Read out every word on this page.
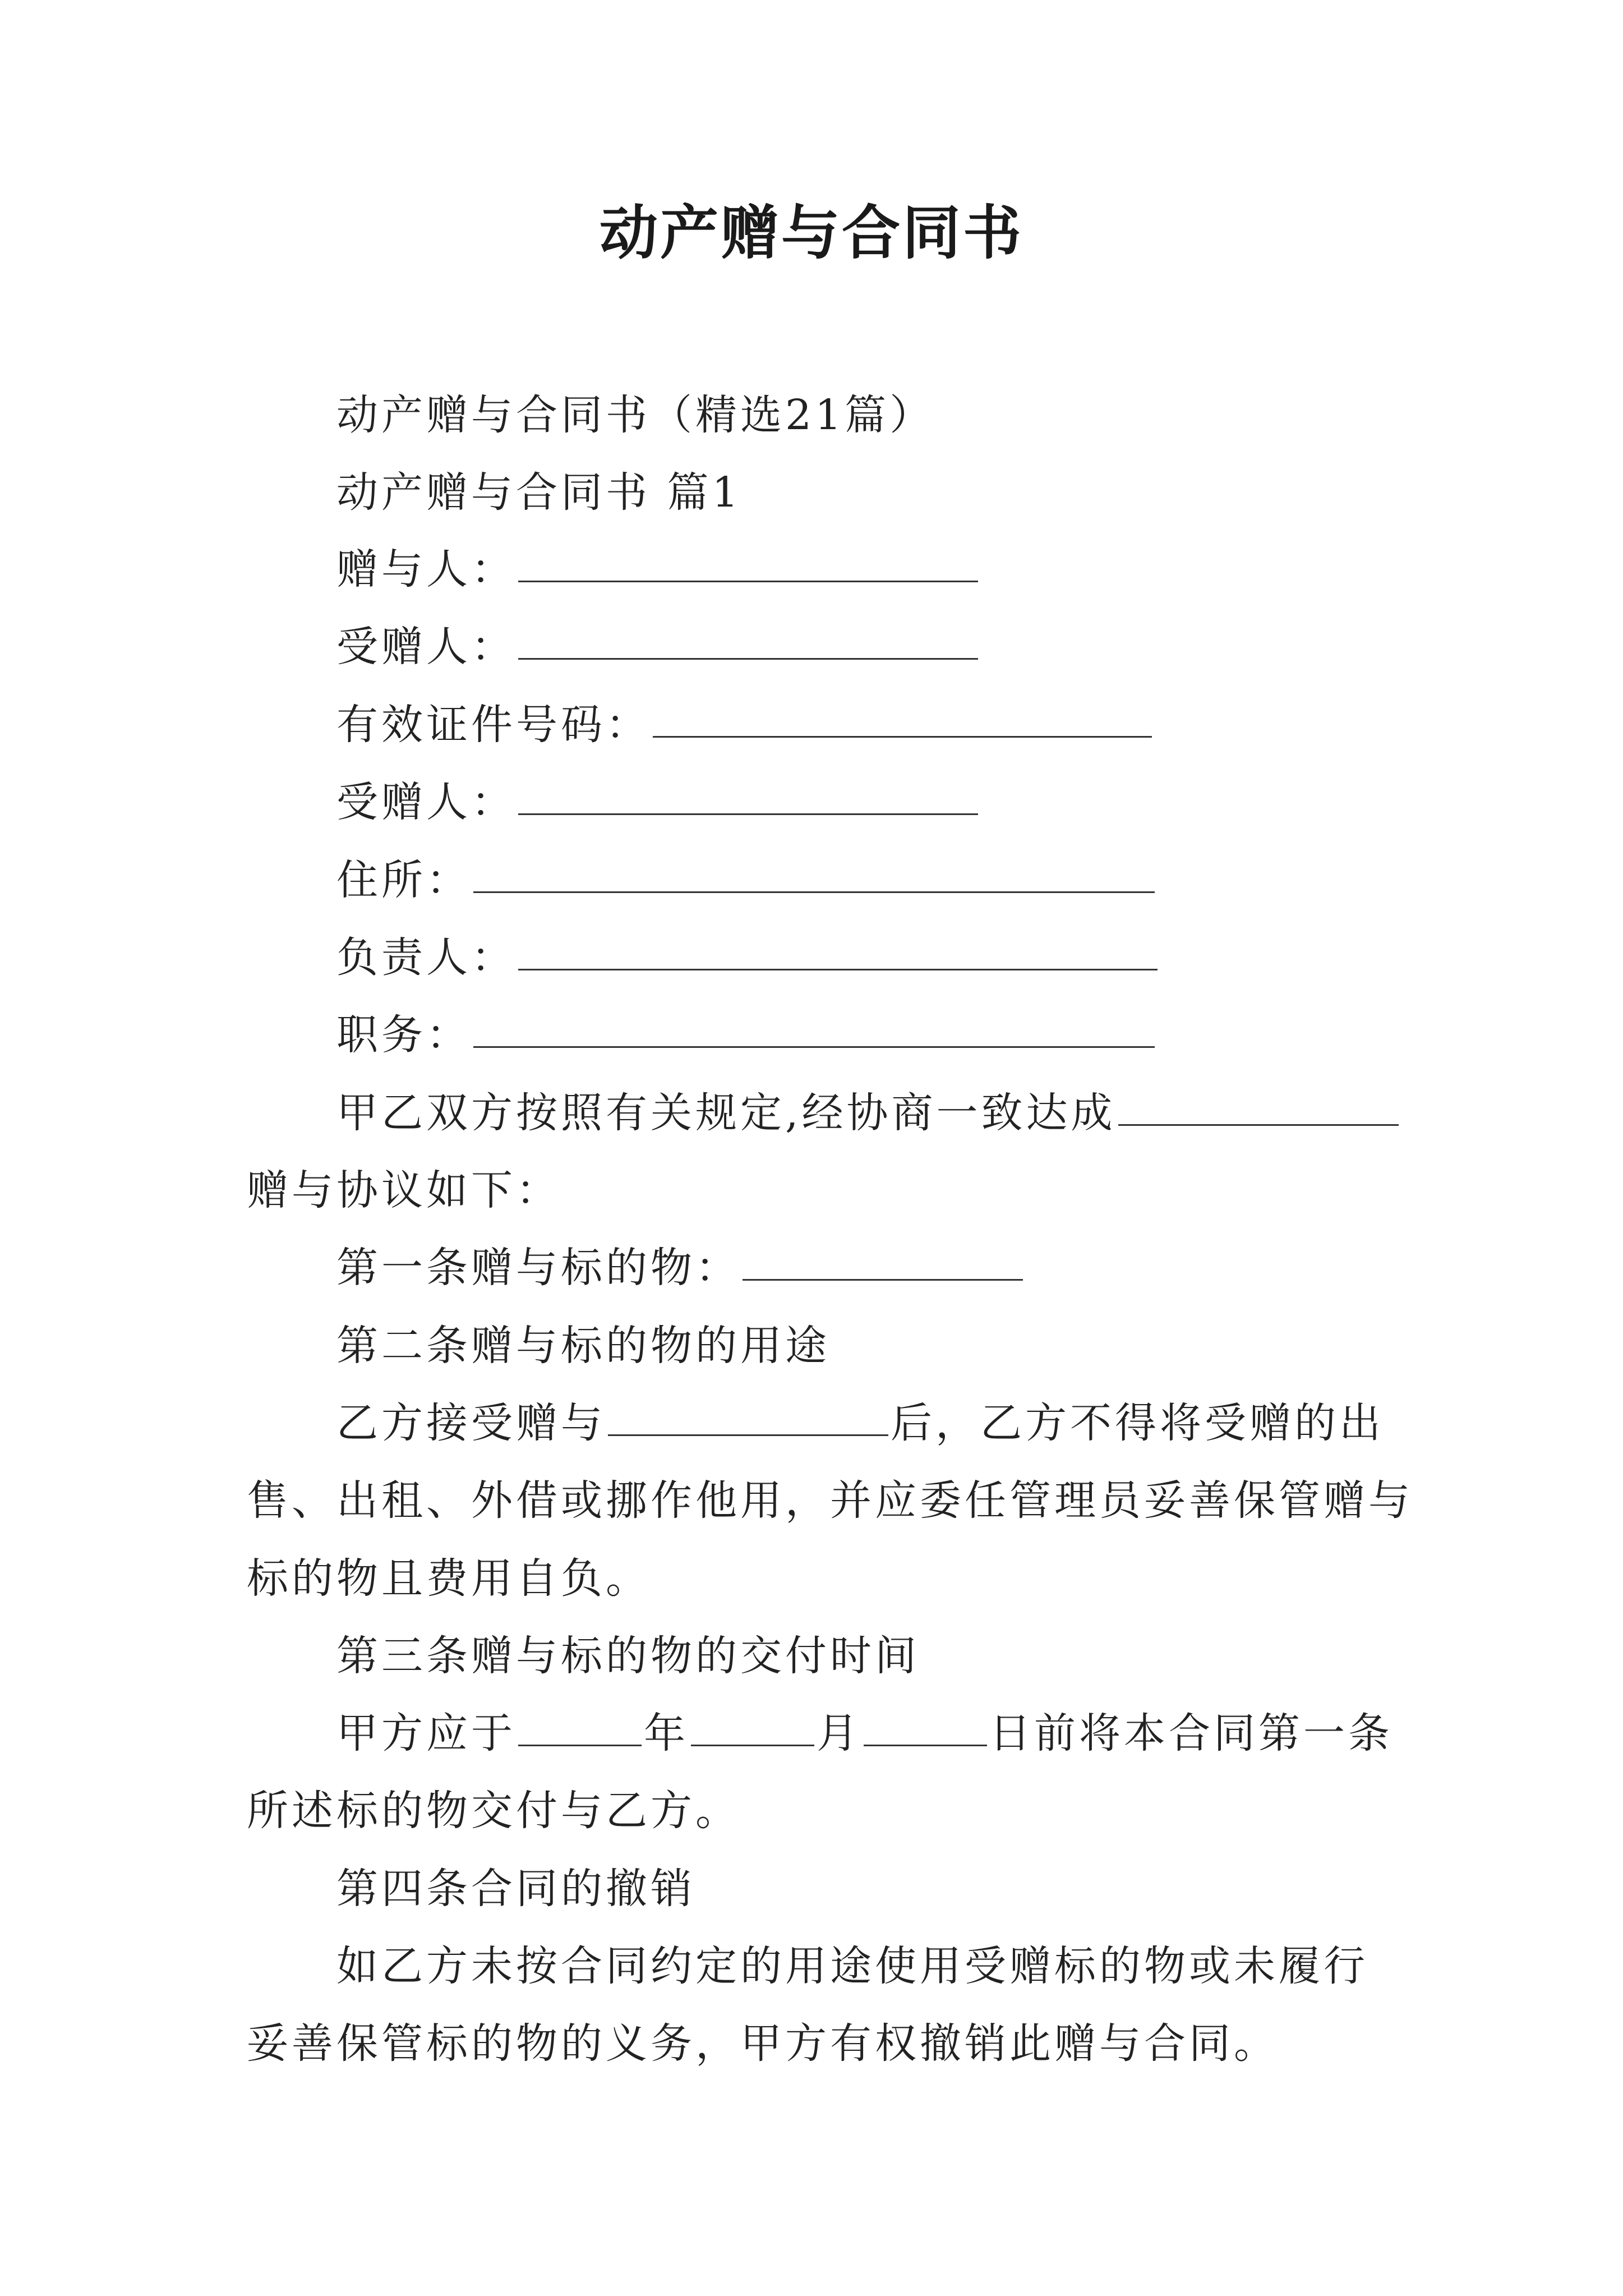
动产赠与合同书
动产赠与合同书（精选21篇）
动产赠与合同书 篇1
赠与人：
受赠人：
有效证件号码：
受赠人：
住所：
负责人：
职务：
甲乙双方按照有关规定,经协商一致达成
赠与协议如下：
第一条赠与标的物：
第二条赠与标的物的用途
乙方接受赠与	后，乙方不得将受赠的出
售、出租、外借或挪作他用，并应委任管理员妥善保管赠与
标的物且费用自负。
第三条赠与标的物的交付时间
甲方应于	年	月	日前将本合同第一条
所述标的物交付与乙方。
第四条合同的撤销
如乙方未按合同约定的用途使用受赠标的物或未履行
妥善保管标的物的义务，甲方有权撤销此赠与合同。
